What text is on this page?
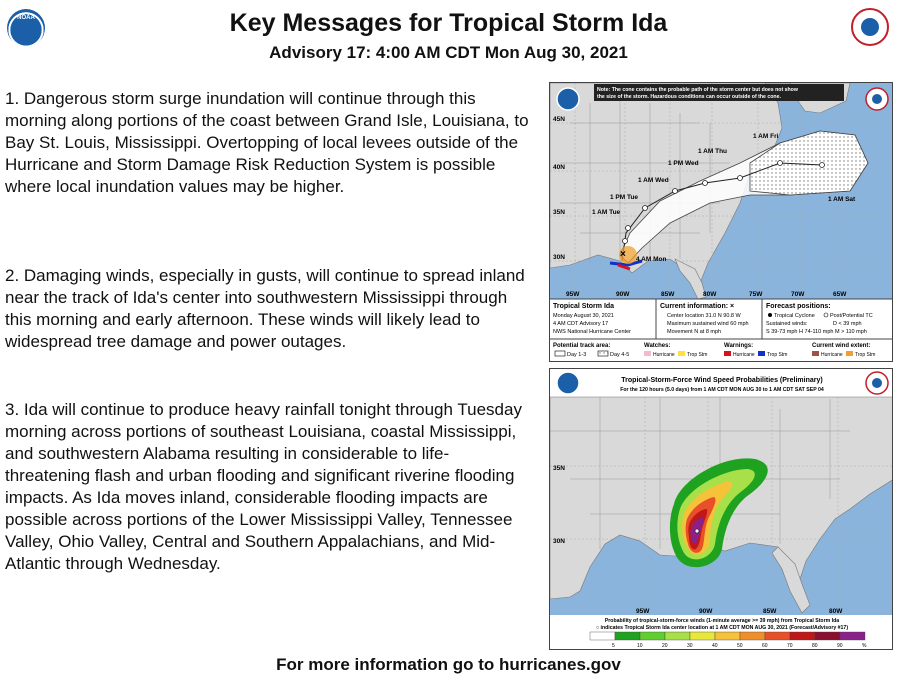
NOAA	Key Messages for Tropical Storm Ida
Advisory 17: 4:00 AM CDT Mon Aug 30, 2021
1. Dangerous storm surge inundation will continue through this morning along portions of the coast between Grand Isle, Louisiana, to Bay St. Louis, Mississippi. Overtopping of local levees outside of the Hurricane and Storm Damage Risk Reduction System is possible where local inundation values may be higher.
2. Damaging winds, especially in gusts, will continue to spread inland near the track of Ida's center into southwestern Mississippi through this morning and early afternoon. These winds will likely lead to widespread tree damage and power outages.
3. Ida will continue to produce heavy rainfall tonight through Tuesday morning across portions of southeast Louisiana, coastal Mississippi, and southwestern Alabama resulting in considerable to life-threatening flash and urban flooding and significant riverine flooding impacts. As Ida moves inland, considerable flooding impacts are possible across portions of the Lower Mississippi Valley, Tennessee Valley, Ohio Valley, Central and Southern Appalachians, and Mid-Atlantic through Wednesday.
×
1 AM Fri
1 AM Thu
1 PM Wed
1 AM Wed
1 PM Tue
1 AM Tue
4 AM Mon
1 AM Sat
45N
40N
35N
30N
95W	90W	85W	80W	75W	70W	65W
Note: The cone contains the probable path of the storm center but does not show
the size of the storm. Hazardous conditions can occur outside of the cone.
Tropical Storm Ida
Monday August 30, 2021
4 AM CDT Advisory 17
NWS National Hurricane Center
Current information: ×
Center location 31.0 N 90.8 W
Maximum sustained wind 60 mph
Movement N at 8 mph
Forecast positions:
Tropical Cyclone	Post/Potential TC
Sustained winds:	D < 39 mph
S 39-73 mph H 74-110 mph M > 110 mph
Potential track area:
Day 1-3	Day 4-5
Watches:
Hurricane Trop Stm
Warnings:
Hurricane Trop Stm
Current wind extent:
Hurricane Trop Stm
35N
30N
95W	90W	85W	80W
Tropical-Storm-Force Wind Speed Probabilities (Preliminary)
For the 120 hours (5.0 days) from 1 AM CDT MON AUG 30 to 1 AM CDT SAT SEP 04
Probability of tropical-storm-force winds (1-minute average >= 39 mph) from Tropical Storm Ida
○ indicates Tropical Storm Ida center location at 1 AM CDT MON AUG 30, 2021 (Forecast/Advisory #17)
5	10	20	30	40	50	60	70	80	90	%
For more information go to hurricanes.gov
